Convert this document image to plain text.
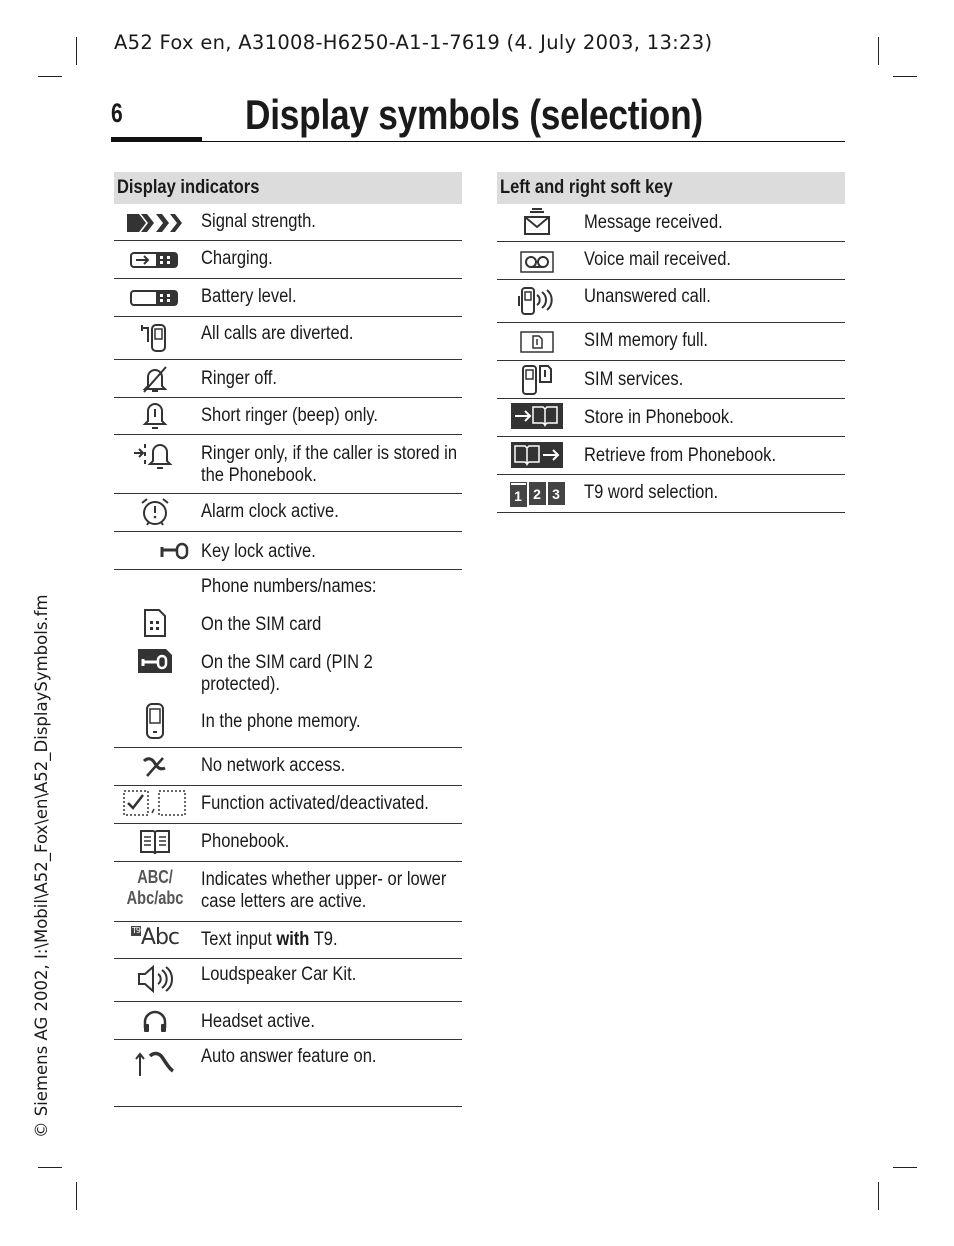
A52 Fox en, A31008-H6250-A1-1-7619 (4. July 2003, 13:23)
6	Display symbols (selection)
© Siemens AG 2002, I:\Mobil\A52_Fox\en\A52_DisplaySymbols.fm
Display indicators
Signal strength.
Charging.
Battery level.
All calls are diverted.
Ringer off.
Short ringer (beep) only.
Ringer only, if the caller is stored in the Phonebook.
Alarm clock active.
Key lock active.
Phone numbers/names:
On the SIM card
On the SIM card (PIN 2 protected).
In the phone memory.
No network access.
Function activated/deactivated.
Phonebook.
ABC/
Abc/abc
Indicates whether upper- or lower case letters are active.
T9Abc Text input with T9.
Loudspeaker Car Kit.
Headset active.
Auto answer feature on.
Left and right soft key
Message received.
Voice mail received.
Unanswered call.
SIM memory full.
SIM services.
Store in Phonebook.
Retrieve from Phonebook.
1 2 3 T9 word selection.
